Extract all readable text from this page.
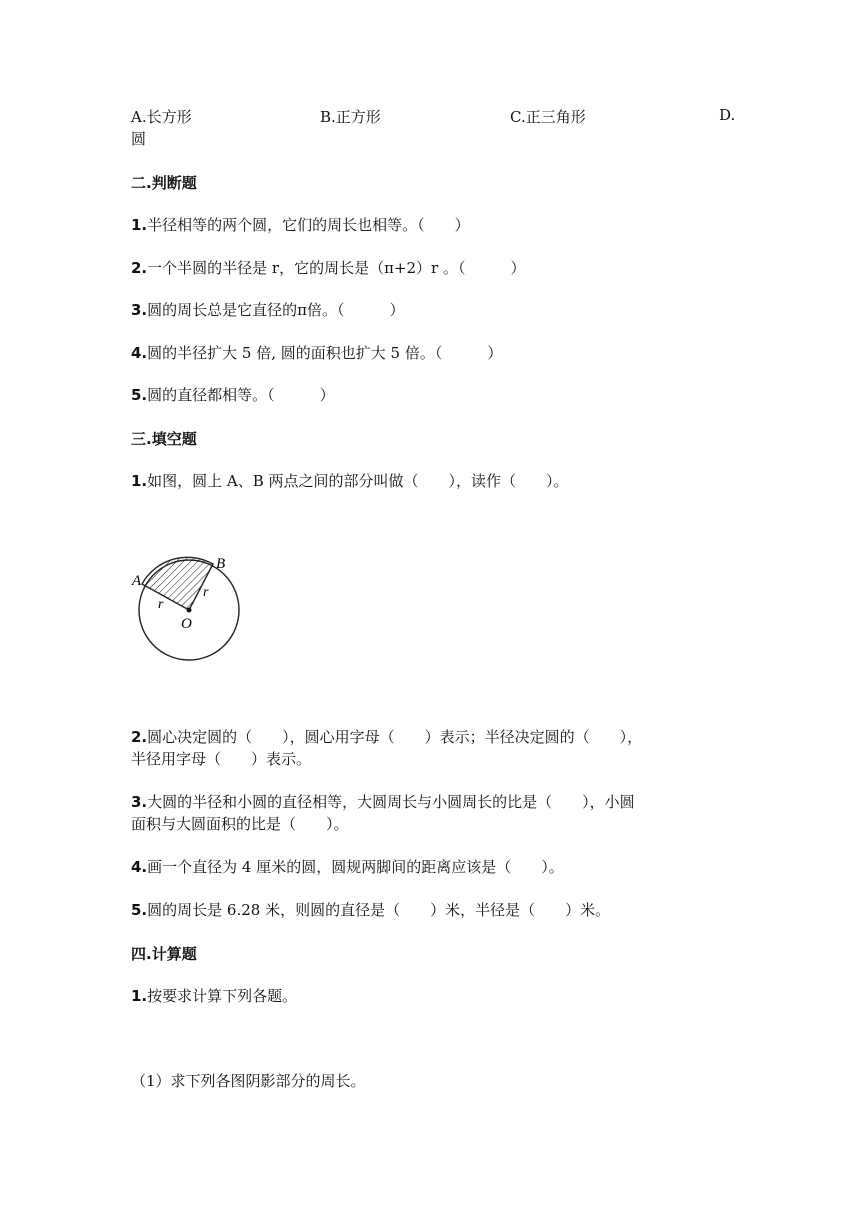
A.长方形	B.正方形	C.正三角形	D.
圆
二.判断题
1.半径相等的两个圆，它们的周长也相等。（　　）
2.一个半圆的半径是 r，它的周长是（π+2）r 。（　　　）
3.圆的周长总是它直径的π倍。（　　　）
4.圆的半径扩大 5 倍, 圆的面积也扩大 5 倍。（　　　）
5.圆的直径都相等。（　　　）
三.填空题
1.如图，圆上 A、B 两点之间的部分叫做（　　），读作（　　）。
A
B
O
r
r
2.圆心决定圆的（　　），圆心用字母（　　）表示；半径决定圆的（　　），
半径用字母（　　）表示。
3.大圆的半径和小圆的直径相等，大圆周长与小圆周长的比是（　　），小圆
面积与大圆面积的比是（　　）。
4.画一个直径为 4 厘米的圆，圆规两脚间的距离应该是（　　）。
5.圆的周长是 6.28 米，则圆的直径是（　　）米，半径是（　　）米。
四.计算题
1.按要求计算下列各题。
（1）求下列各图阴影部分的周长。
